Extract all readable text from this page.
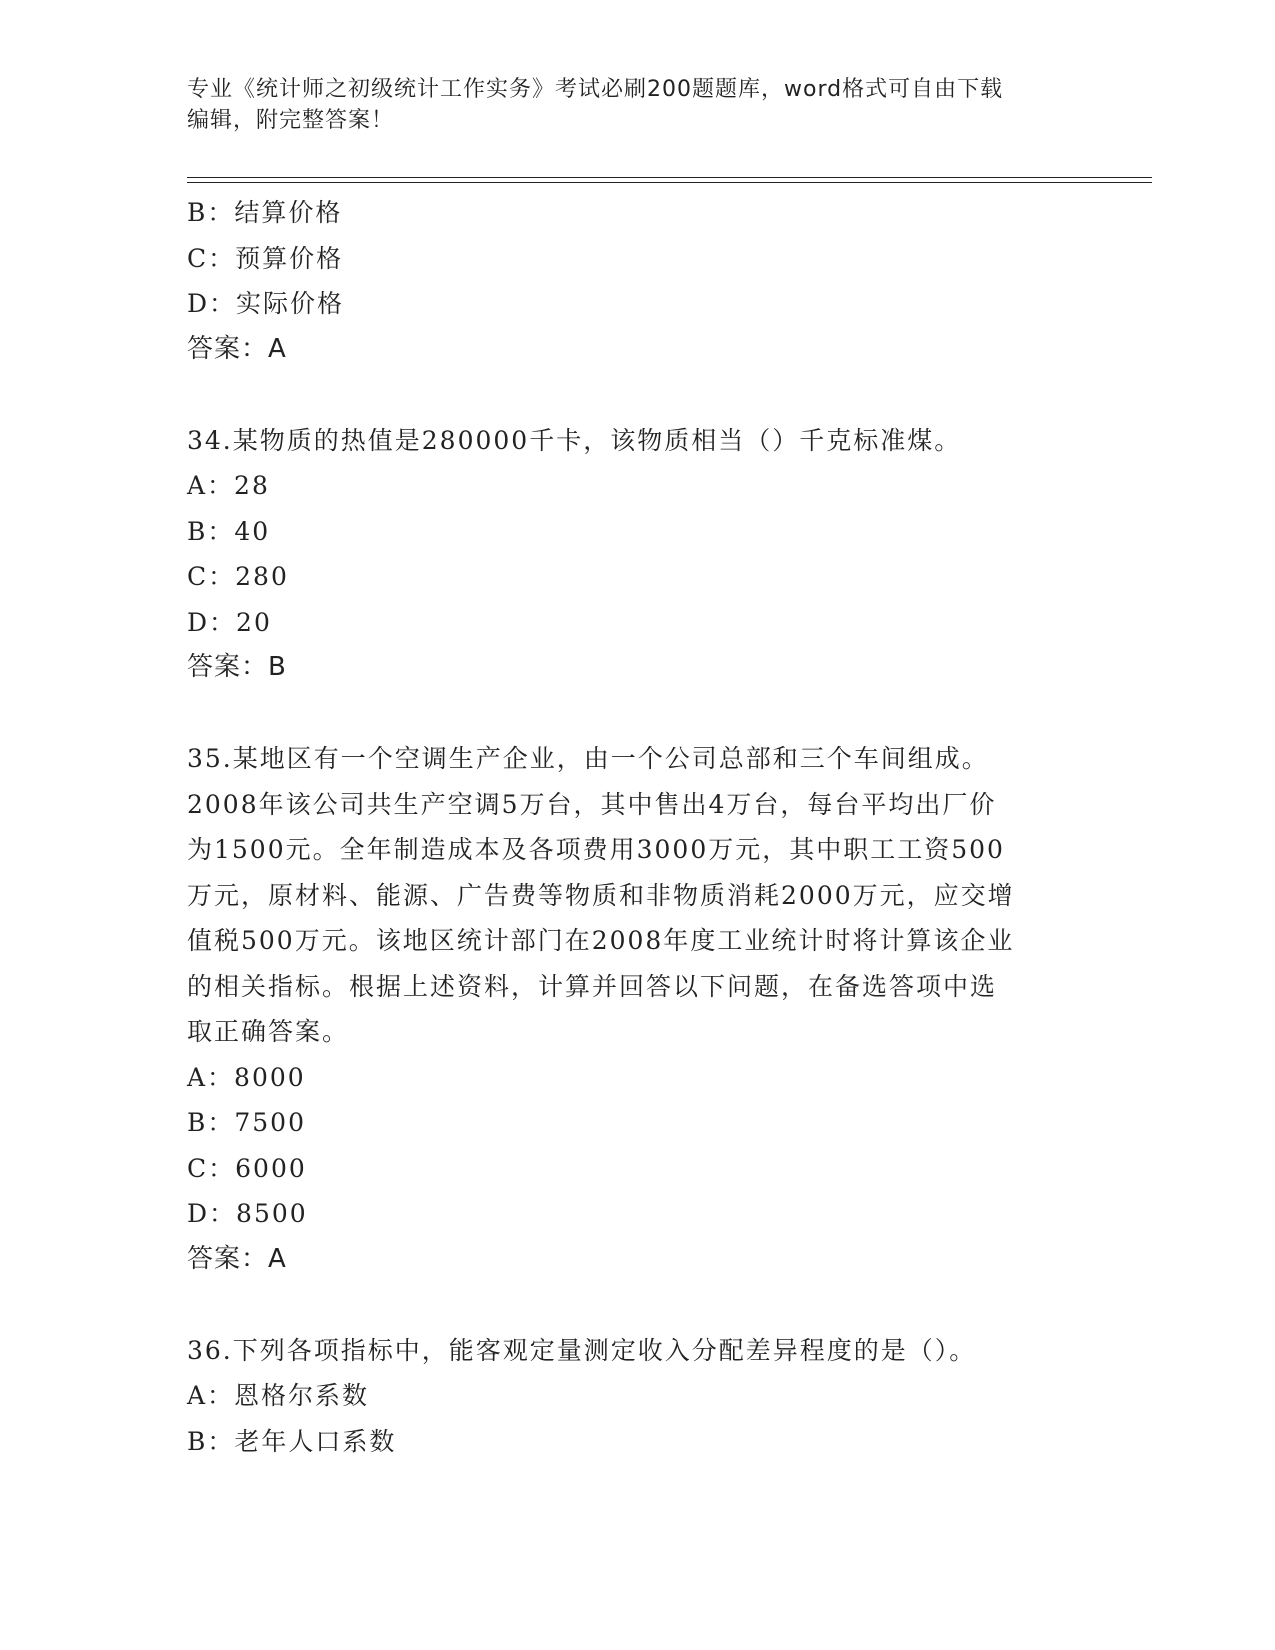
专业《统计师之初级统计工作实务》考试必刷200题题库，word格式可自由下载
编辑，附完整答案！
B：结算价格
C：预算价格
D：实际价格
答案：A
34.某物质的热值是280000千卡，该物质相当（）千克标准煤。
A：28
B：40
C：280
D：20
答案：B
35.某地区有一个空调生产企业，由一个公司总部和三个车间组成。
2008年该公司共生产空调5万台，其中售出4万台，每台平均出厂价
为1500元。全年制造成本及各项费用3000万元，其中职工工资500
万元，原材料、能源、广告费等物质和非物质消耗2000万元，应交增
值税500万元。该地区统计部门在2008年度工业统计时将计算该企业
的相关指标。根据上述资料，计算并回答以下问题，在备选答项中选
取正确答案。
A：8000
B：7500
C：6000
D：8500
答案：A
36.下列各项指标中，能客观定量测定收入分配差异程度的是（）。
A：恩格尔系数
B：老年人口系数
